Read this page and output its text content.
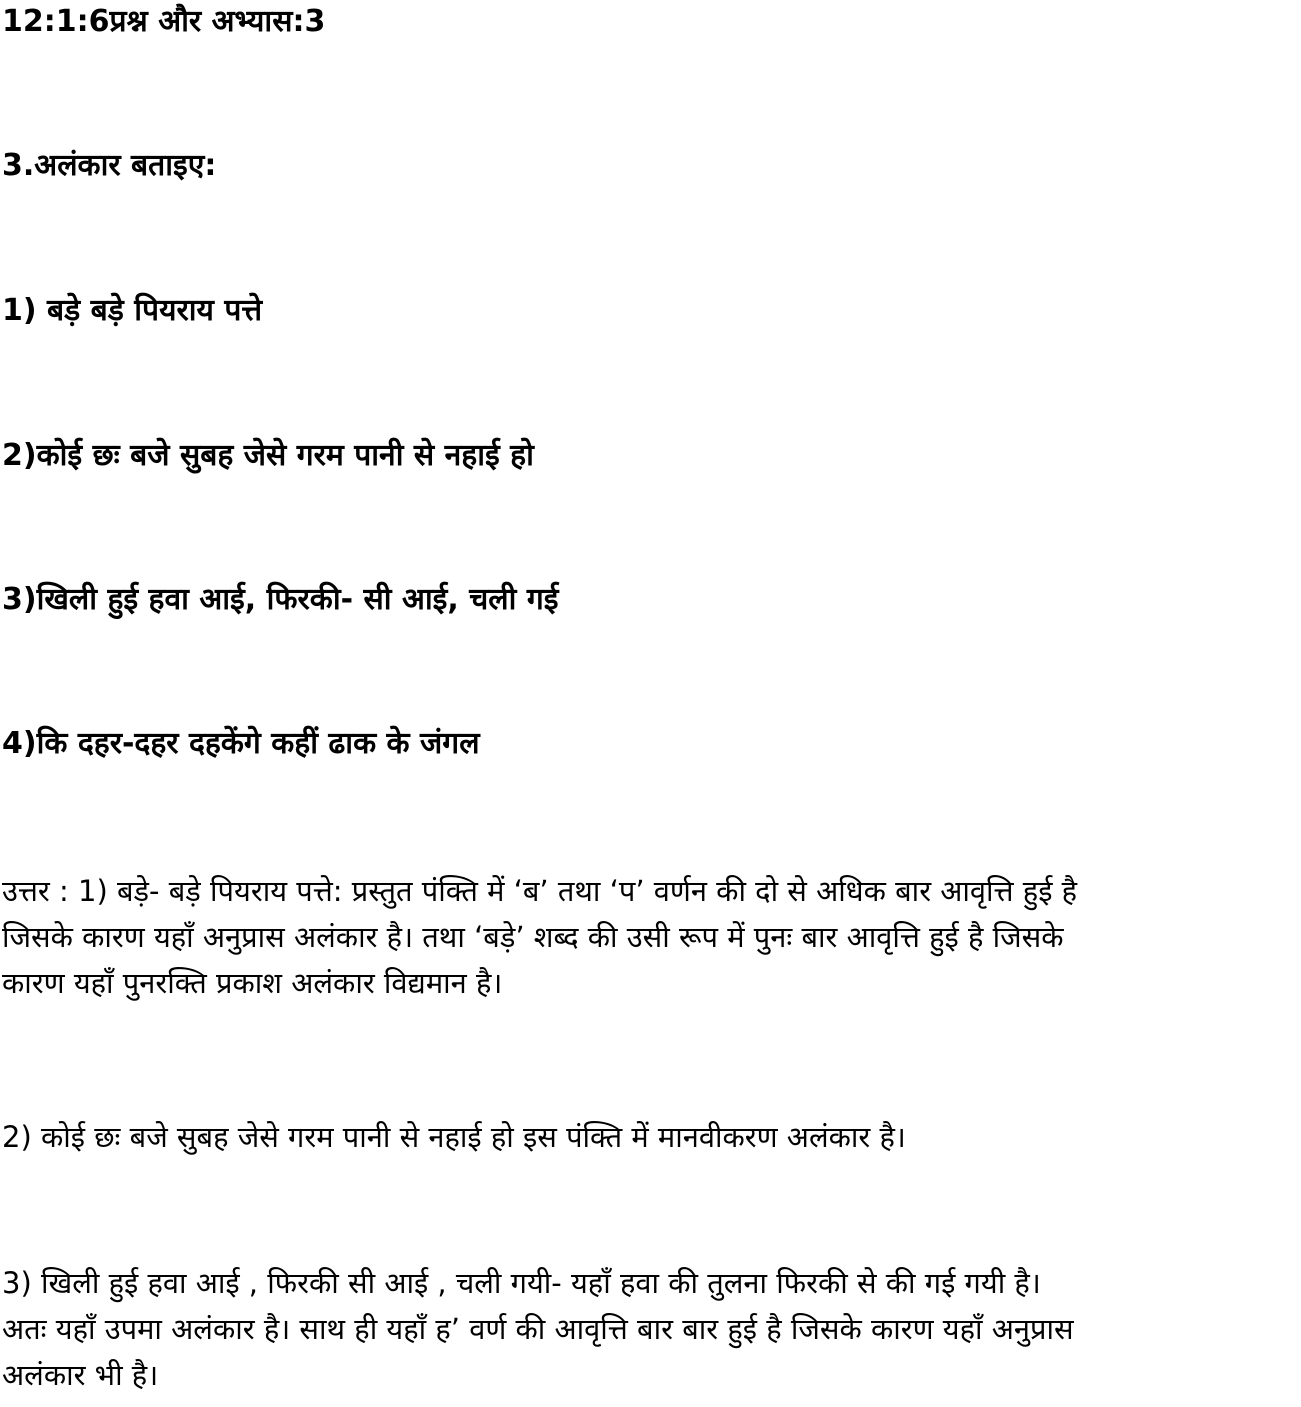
12:1:6प्रश्न और अभ्यास:3

3.अलंकार बताइए:

1) बड़े बड़े पियराय पत्ते

2)कोई छः बजे सुबह जेसे गरम पानी से नहाई हो

3)खिली हुई हवा आई, फिरकी- सी आई, चली गई

4)कि दहर-दहर दहकेंगे कहीं ढाक के जंगल

उत्तर : 1) बड़े- बड़े पियराय पत्ते: प्रस्तुत पंक्ति में ‘ब’ तथा ‘प’ वर्णन की दो से अधिक बार आवृत्ति हुई है
जिसके कारण यहाँ अनुप्रास अलंकार है। तथा ‘बड़े’ शब्द की उसी रूप में पुनः बार आवृत्ति हुई है जिसके
कारण यहाँ पुनरक्ति प्रकाश अलंकार विद्यमान है।
2) कोई छः बजे सुबह जेसे गरम पानी से नहाई हो इस पंक्ति में मानवीकरण अलंकार है।
3) खिली हुई हवा आई , फिरकी सी आई , चली गयी- यहाँ हवा की तुलना फिरकी से की गई गयी है।
अतः यहाँ उपमा अलंकार है। साथ ही यहाँ ह’ वर्ण की आवृत्ति बार बार हुई है जिसके कारण यहाँ अनुप्रास
अलंकार भी है।
